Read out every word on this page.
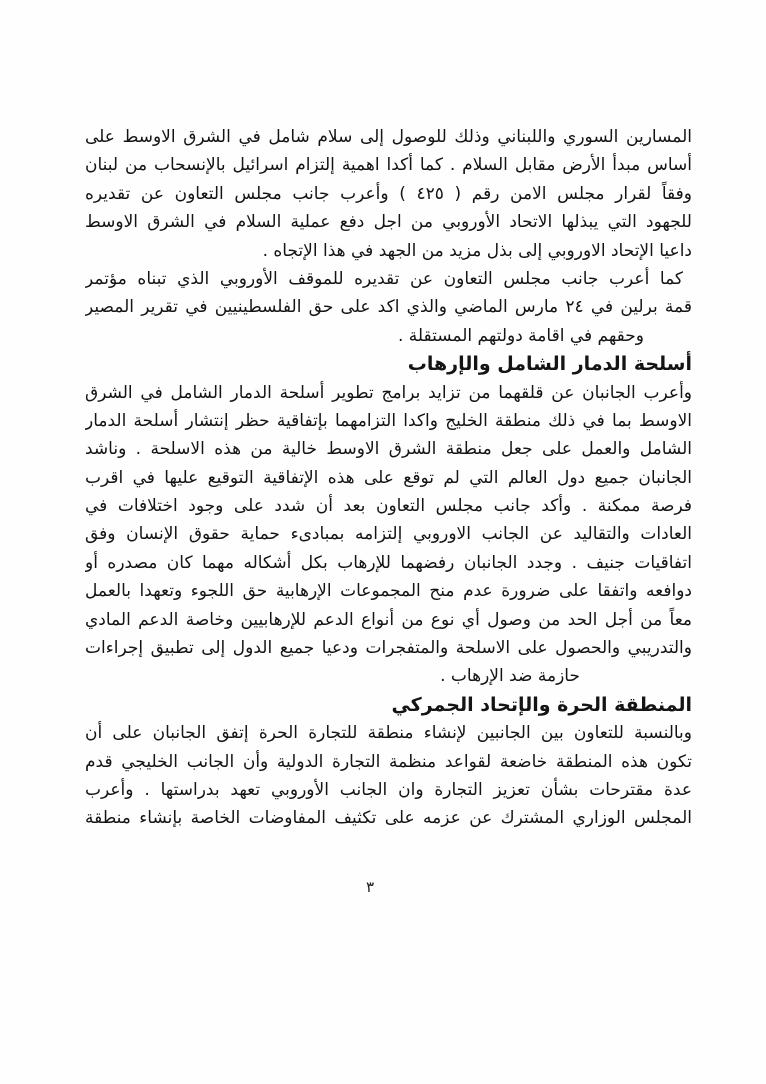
المسارين السوري واللبناني وذلك للوصول إلى سلام شامل في الشرق الاوسط على
أساس مبدأ الأرض مقابل السلام . كما أكدا اهمية إلتزام اسرائيل بالإنسحاب من لبنان
وفقاً لقرار مجلس الامن رقم ( ٤٢٥ ) وأعرب جانب مجلس التعاون عن تقديره
للجهود التي يبذلها الاتحاد الأوروبي من اجل دفع عملية السلام في الشرق الاوسط
داعيا الإتحاد الاوروبي إلى بذل مزيد من الجهد في هذا الإتجاه .
كما أعرب جانب مجلس التعاون عن تقديره للموقف الأوروبي الذي تبناه مؤتمر
قمة برلين في ٢٤ مارس الماضي والذي اكد على حق الفلسطينيين في تقرير المصير
وحقهم في اقامة دولتهم المستقلة .
أسلحة الدمار الشامل والإرهاب
وأعرب الجانبان عن قلقهما من تزايد برامج تطوير أسلحة الدمار الشامل في الشرق
الاوسط بما في ذلك منطقة الخليج واكدا التزامهما بإتفاقية حظر إنتشار أسلحة الدمار
الشامل والعمل على جعل منطقة الشرق الاوسط خالية من هذه الاسلحة . وناشد
الجانبان جميع دول العالم التي لم توقع على هذه الإتفاقية التوقيع عليها في اقرب
فرصة ممكنة . وأكد جانب مجلس التعاون بعد أن شدد على وجود اختلافات في
العادات والتقاليد عن الجانب الاوروبي إلتزامه بمبادىء حماية حقوق الإنسان وفق
اتفاقيات جنيف . وجدد الجانبان رفضهما للإرهاب بكل أشكاله مهما كان مصدره أو
دوافعه واتفقا على ضرورة عدم منح المجموعات الإرهابية حق اللجوء وتعهدا بالعمل
معاً من أجل الحد من وصول أي نوع من أنواع الدعم للإرهابيين وخاصة الدعم المادي
والتدريبي والحصول على الاسلحة والمتفجرات ودعيا جميع الدول إلى تطبيق إجراءات
حازمة ضد الإرهاب .
المنطقة الحرة والإتحاد الجمركي
وبالنسبة للتعاون بين الجانبين لإنشاء منطقة للتجارة الحرة إتفق الجانبان على أن
تكون هذه المنطقة خاضعة لقواعد منظمة التجارة الدولية وأن الجانب الخليجي قدم
عدة مقترحات بشأن تعزيز التجارة وان الجانب الأوروبي تعهد بدراستها . وأعرب
المجلس الوزاري المشترك عن عزمه على تكثيف المفاوضات الخاصة بإنشاء منطقة
٣
